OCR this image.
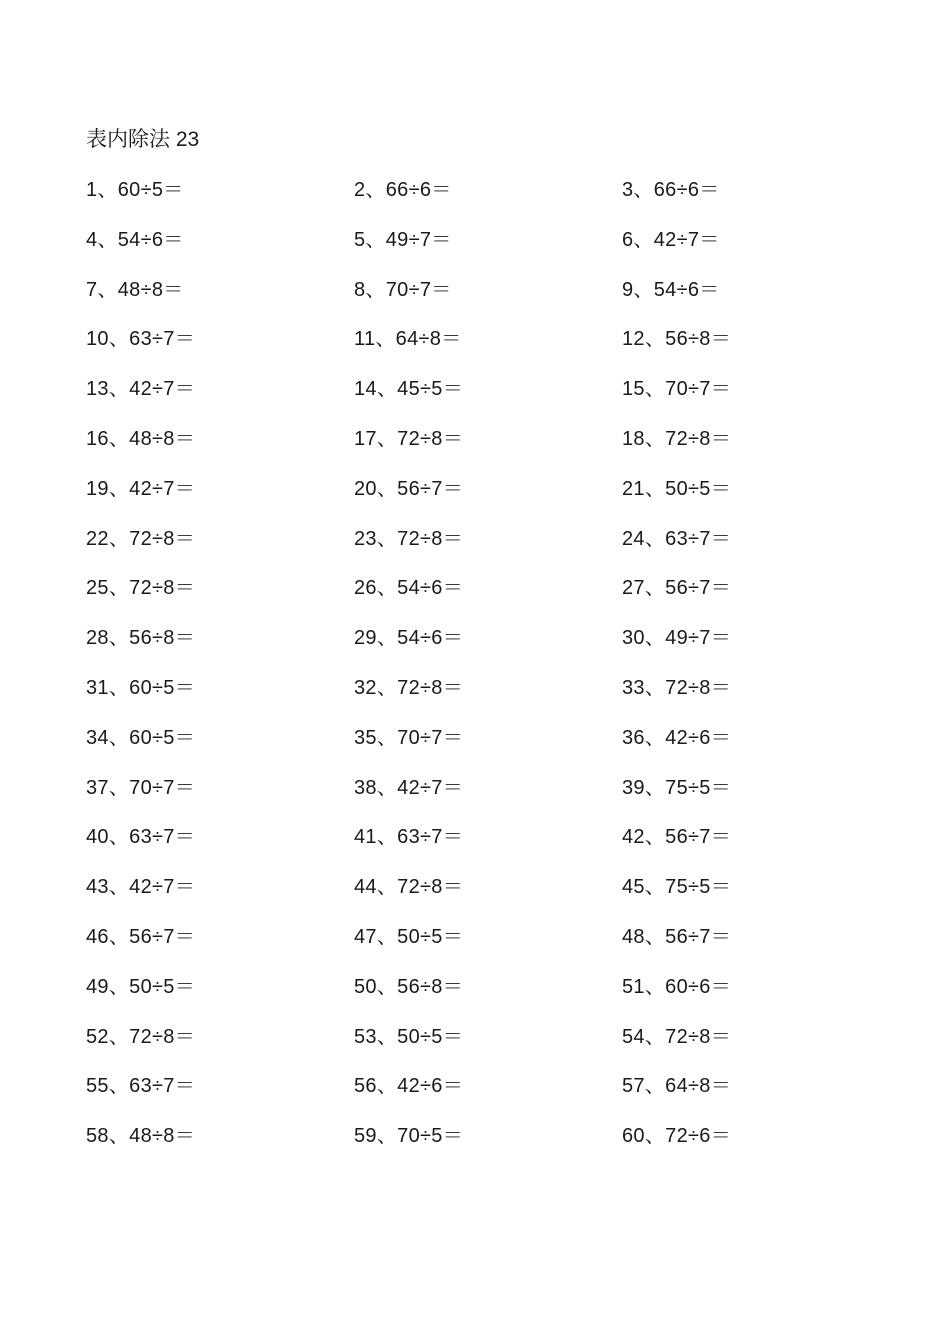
表内除法 23
1、60÷5＝	2、66÷6＝	3、66÷6＝
4、54÷6＝	5、49÷7＝	6、42÷7＝
7、48÷8＝	8、70÷7＝	9、54÷6＝
10、63÷7＝	11、64÷8＝	12、56÷8＝
13、42÷7＝	14、45÷5＝	15、70÷7＝
16、48÷8＝	17、72÷8＝	18、72÷8＝
19、42÷7＝	20、56÷7＝	21、50÷5＝
22、72÷8＝	23、72÷8＝	24、63÷7＝
25、72÷8＝	26、54÷6＝	27、56÷7＝
28、56÷8＝	29、54÷6＝	30、49÷7＝
31、60÷5＝	32、72÷8＝	33、72÷8＝
34、60÷5＝	35、70÷7＝	36、42÷6＝
37、70÷7＝	38、42÷7＝	39、75÷5＝
40、63÷7＝	41、63÷7＝	42、56÷7＝
43、42÷7＝	44、72÷8＝	45、75÷5＝
46、56÷7＝	47、50÷5＝	48、56÷7＝
49、50÷5＝	50、56÷8＝	51、60÷6＝
52、72÷8＝	53、50÷5＝	54、72÷8＝
55、63÷7＝	56、42÷6＝	57、64÷8＝
58、48÷8＝	59、70÷5＝	60、72÷6＝
